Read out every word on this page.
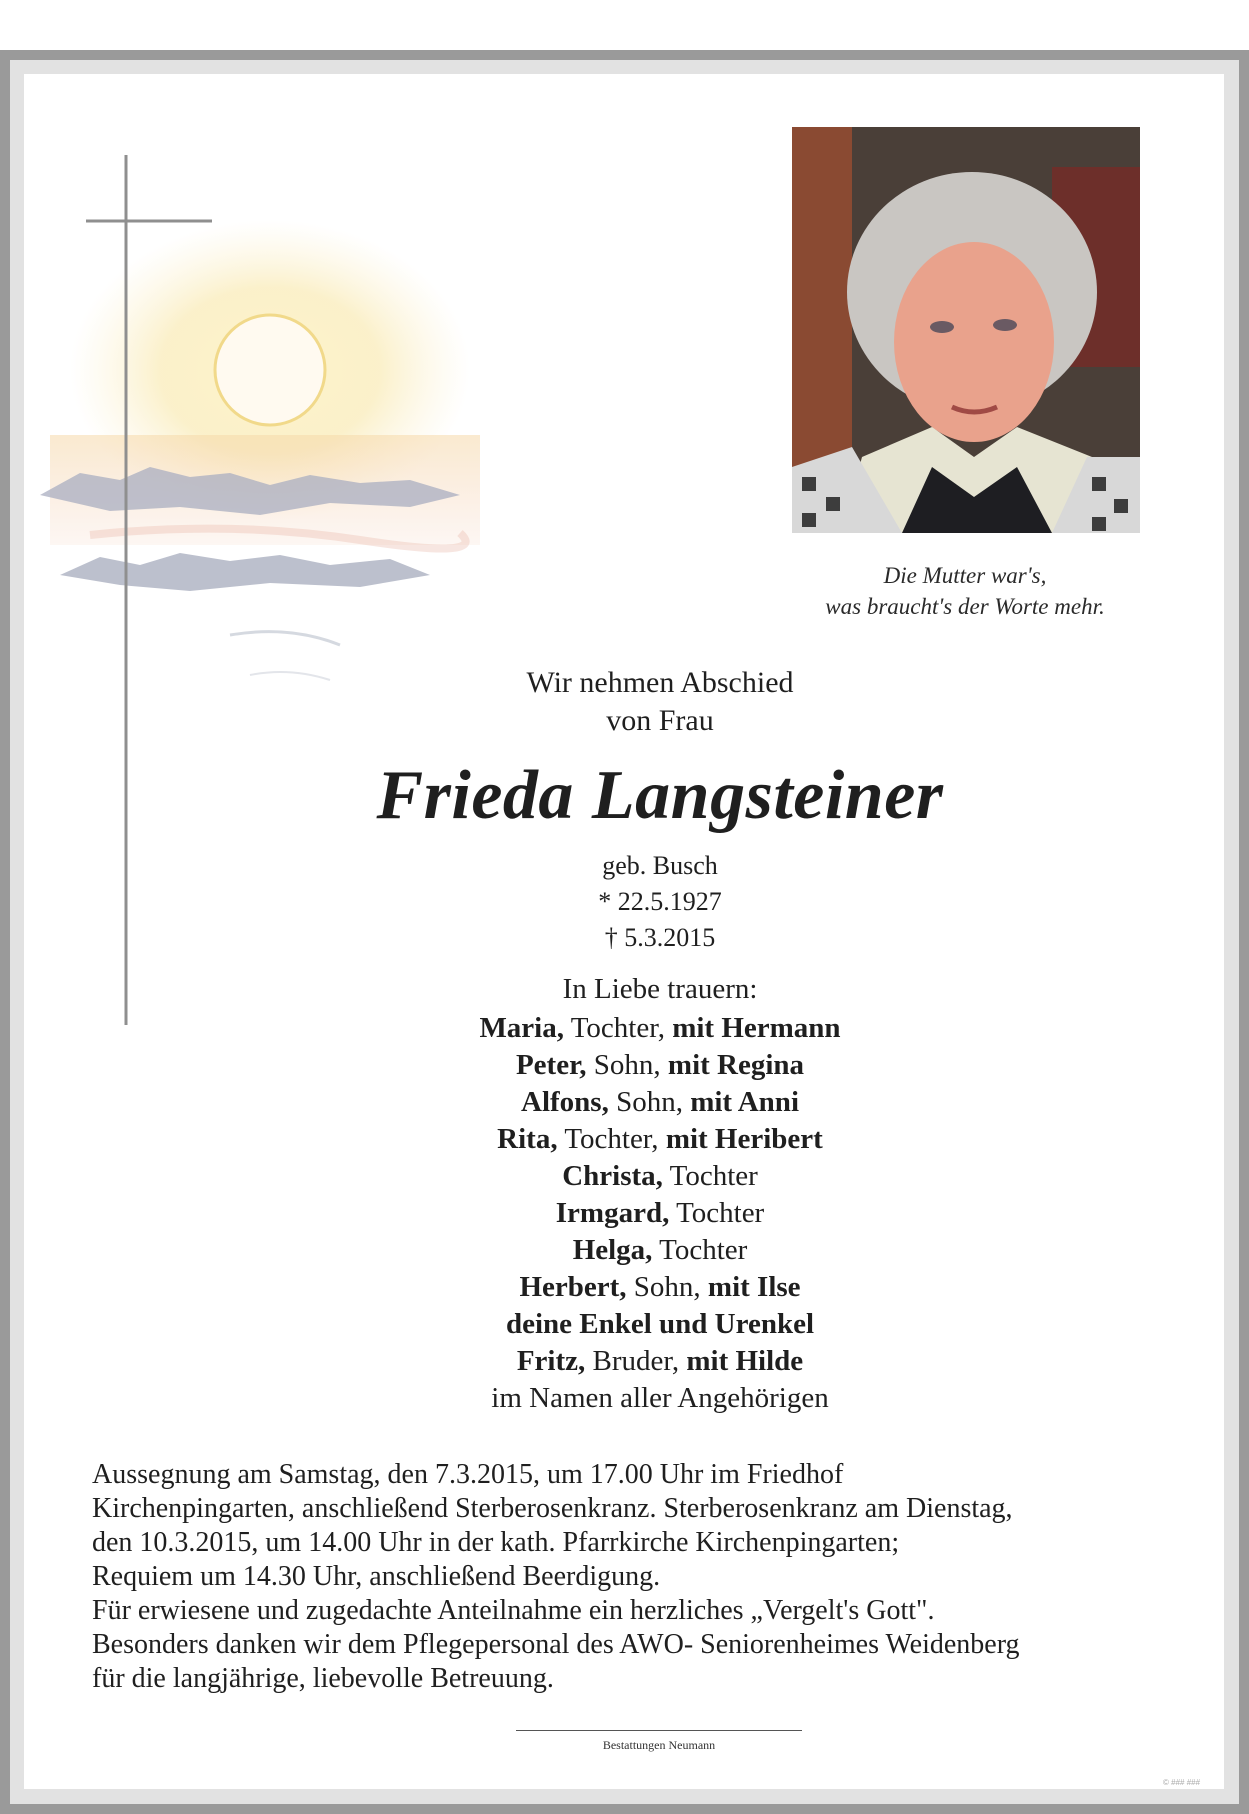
Die Mutter war's,
was braucht's der Worte mehr.
Wir nehmen Abschied
von Frau
Frieda Langsteiner
geb. Busch
* 22.5.1927
† 5.3.2015
In Liebe trauern:
Maria, Tochter, mit Hermann
Peter, Sohn, mit Regina
Alfons, Sohn, mit Anni
Rita, Tochter, mit Heribert
Christa, Tochter
Irmgard, Tochter
Helga, Tochter
Herbert, Sohn, mit Ilse
deine Enkel und Urenkel
Fritz, Bruder, mit Hilde
im Namen aller Angehörigen

Aussegnung am Samstag, den 7.3.2015, um 17.00 Uhr im Friedhof

Kirchenpingarten, anschließend Sterberosenkranz. Sterberosenkranz am Dienstag,

den 10.3.2015, um 14.00 Uhr in der kath. Pfarrkirche Kirchenpingarten;

Requiem um 14.30 Uhr, anschließend Beerdigung.

Für erwiesene und zugedachte Anteilnahme ein herzliches „Vergelt's Gott".

Besonders danken wir dem Pflegepersonal des AWO- Seniorenheimes Weidenberg

für die langjährige, liebevolle Betreuung.

Bestattungen Neumann
© ### ###
